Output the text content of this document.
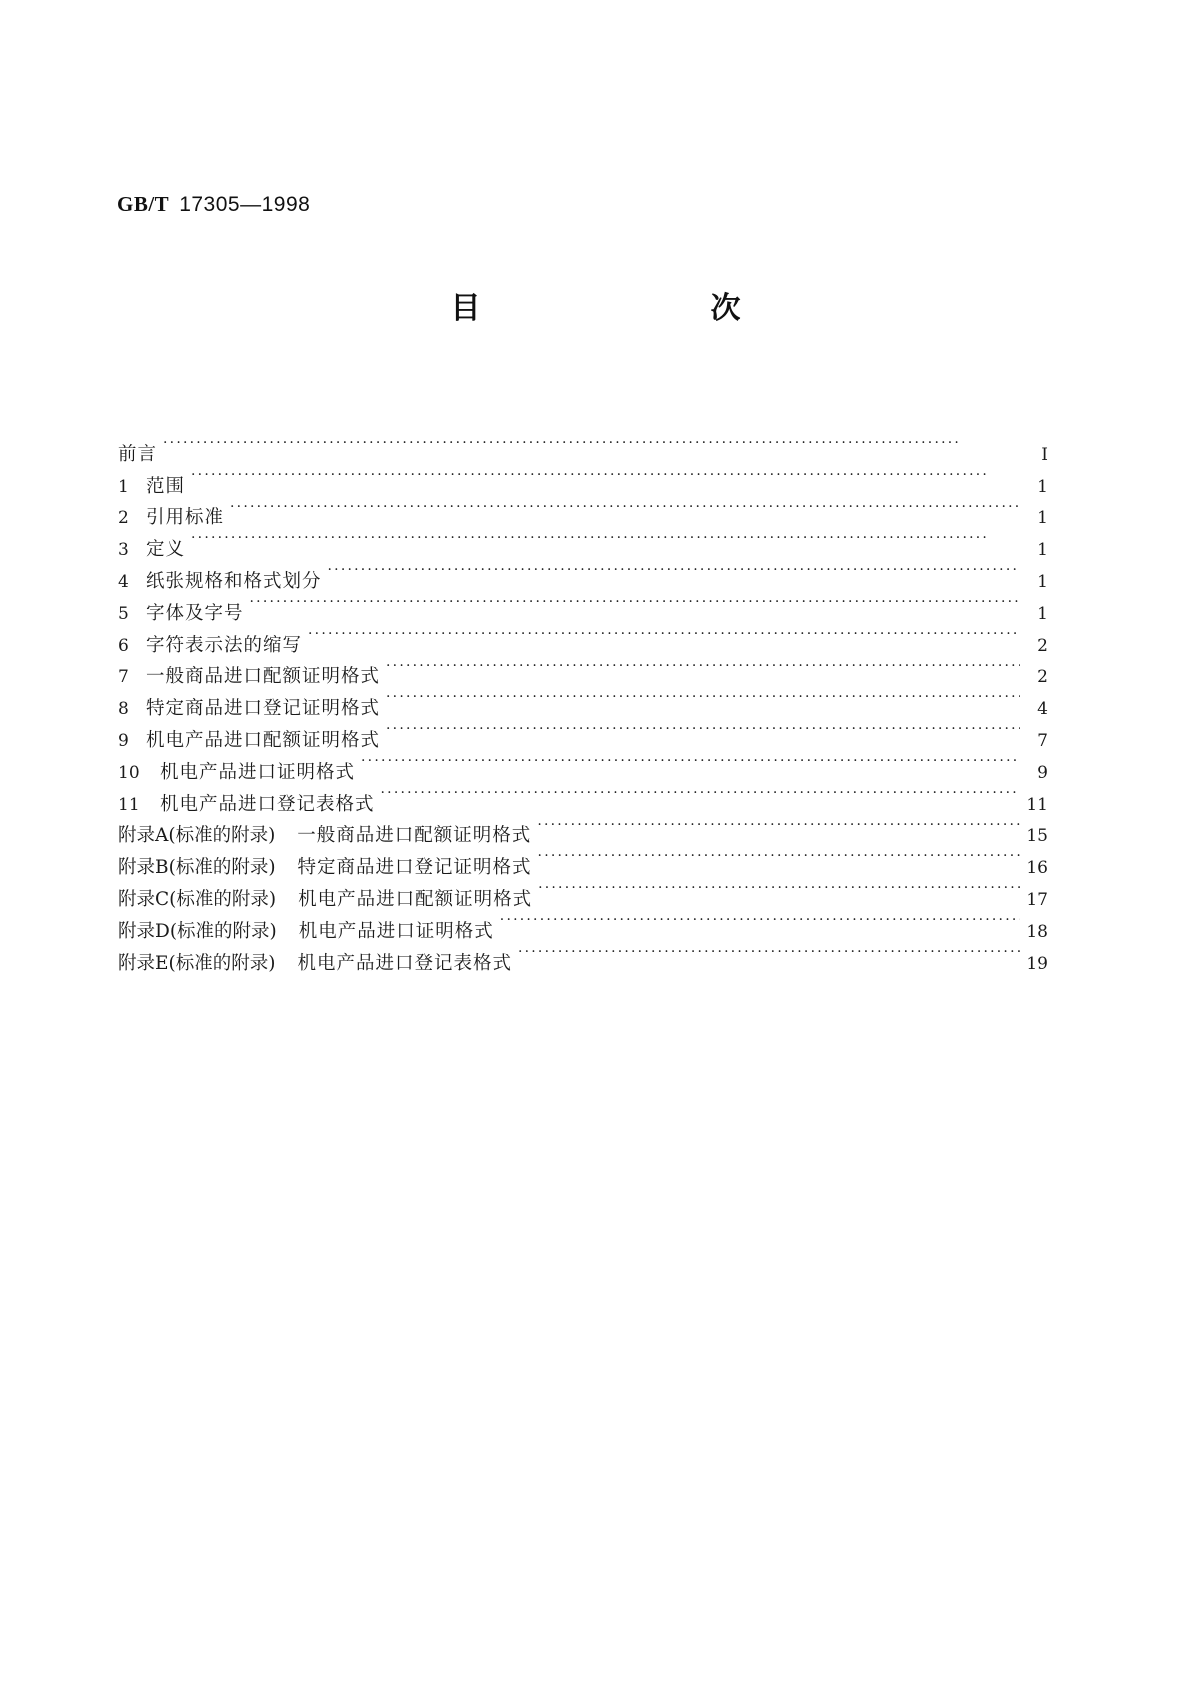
GB/T 17305—1998
目　次
前言 ·····	I
1 范围 ·····	1
2 引用标准 ·····	1
3 定义 ·····	1
4 纸张规格和格式划分 ·····	1
5 字体及字号 ·····	1
6 字符表示法的缩写 ·····	2
7 一般商品进口配额证明格式 ·····	2
8 特定商品进口登记证明格式 ·····	4
9 机电产品进口配额证明格式 ·····	7
10	机电产品进口证明格式 ·····	9
11	机电产品进口登记表格式 ·····	11
附录A(标准的附录) 一般商品进口配额证明格式 ·····	15
附录B(标准的附录) 特定商品进口登记证明格式 ·····	16
附录C(标准的附录) 机电产品进口配额证明格式 ·····	17
附录D(标准的附录) 机电产品进口证明格式 ·····	18
附录E(标准的附录) 机电产品进口登记表格式 ·····	19
